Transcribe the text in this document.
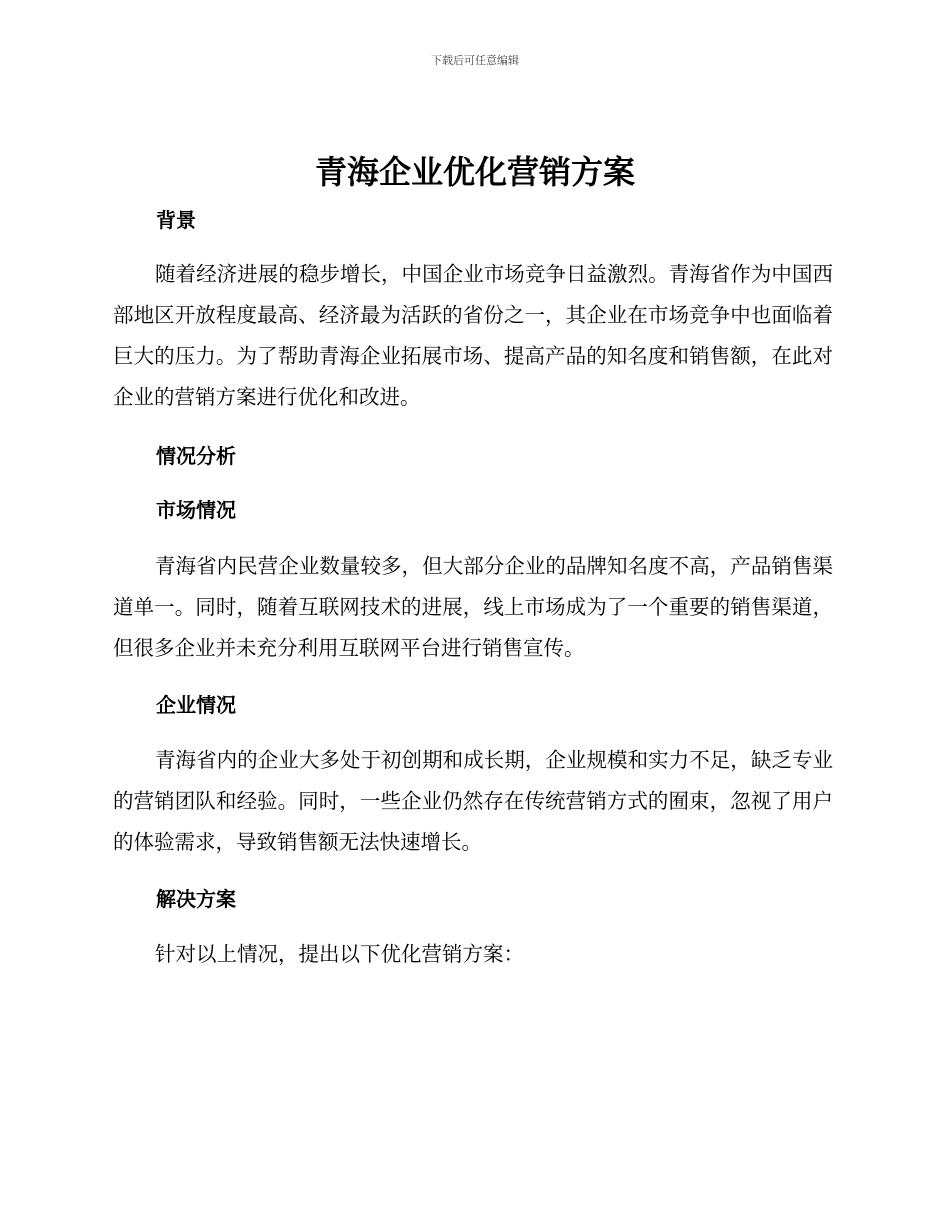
下载后可任意编辑
青海企业优化营销方案
背景

随着经济进展的稳步增长，中国企业市场竞争日益激烈。青海省作为中国西部地区开放程度最高、经济最为活跃的省份之一，其企业在市场竞争中也面临着巨大的压力。为了帮助青海企业拓展市场、提高产品的知名度和销售额，在此对企业的营销方案进行优化和改进。

情况分析
市场情况

青海省内民营企业数量较多，但大部分企业的品牌知名度不高，产品销售渠道单一。同时，随着互联网技术的进展，线上市场成为了一个重要的销售渠道，但很多企业并未充分利用互联网平台进行销售宣传。

企业情况

青海省内的企业大多处于初创期和成长期，企业规模和实力不足，缺乏专业的营销团队和经验。同时，一些企业仍然存在传统营销方式的囿束，忽视了用户的体验需求，导致销售额无法快速增长。

解决方案

针对以上情况，提出以下优化营销方案：
